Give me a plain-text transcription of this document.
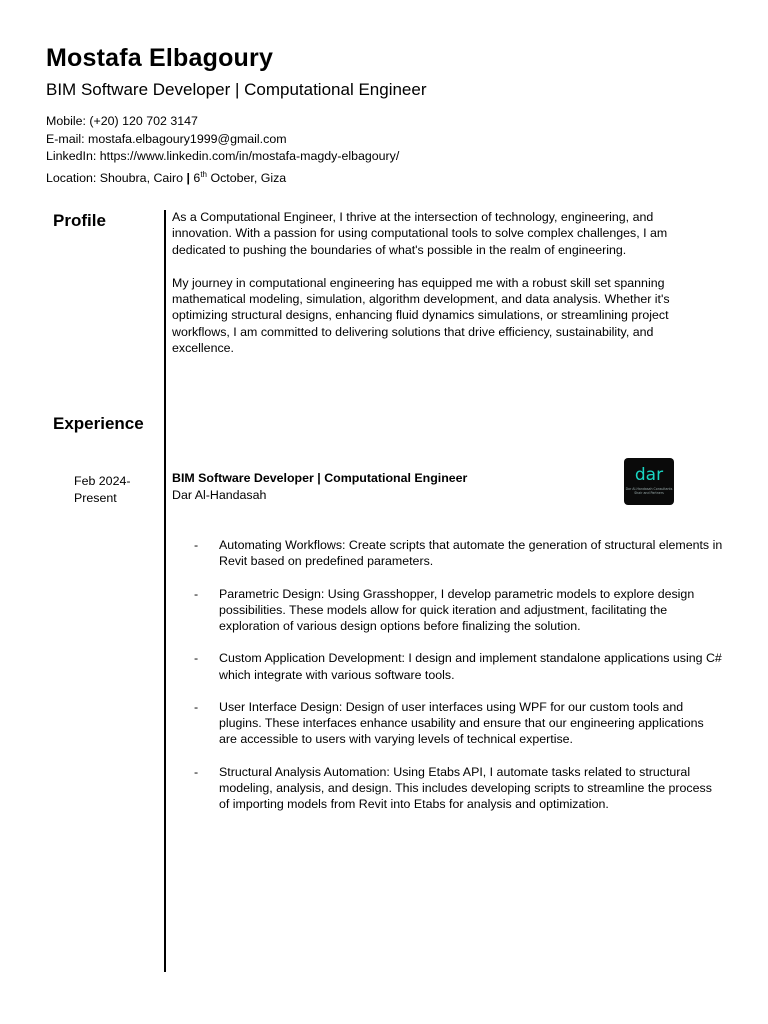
Mostafa Elbagoury
BIM Software Developer | Computational Engineer
Mobile: (+20) 120 702 3147
E-mail: mostafa.elbagoury1999@gmail.com
LinkedIn: https://www.linkedin.com/in/mostafa-magdy-elbagoury/
Location: Shoubra, Cairo | 6th October, Giza
Profile	As a Computational Engineer, I thrive at the intersection of technology, engineering, and innovation. With a passion for using computational tools to solve complex challenges, I am dedicated to pushing the boundaries of what's possible in the realm of engineering.

My journey in computational engineering has equipped me with a robust skill set spanning mathematical modeling, simulation, algorithm development, and data analysis. Whether it's optimizing structural designs, enhancing fluid dynamics simulations, or streamlining project workflows, I am committed to delivering solutions that drive efficiency, sustainability, and excellence.

Experience
Feb 2024-
Present
BIM Software Developer | Computational Engineer
Dar Al-Handasah
dar
Dar Al-Handasah Consultants Shair and Partners
-	Automating Workflows: Create scripts that automate the generation of structural elements in Revit based on predefined parameters.
-	Parametric Design: Using Grasshopper, I develop parametric models to explore design possibilities. These models allow for quick iteration and adjustment, facilitating the exploration of various design options before finalizing the solution.
-	Custom Application Development: I design and implement standalone applications using C#   which integrate with various software tools.
-	User Interface Design: Design of user interfaces using WPF for our custom tools and plugins. These interfaces enhance usability and ensure that our engineering applications are accessible to users with varying levels of technical expertise.
-	Structural Analysis Automation: Using Etabs API, I automate tasks related to structural modeling, analysis, and design. This includes developing scripts to streamline the process of importing models from Revit into Etabs for analysis and optimization.
